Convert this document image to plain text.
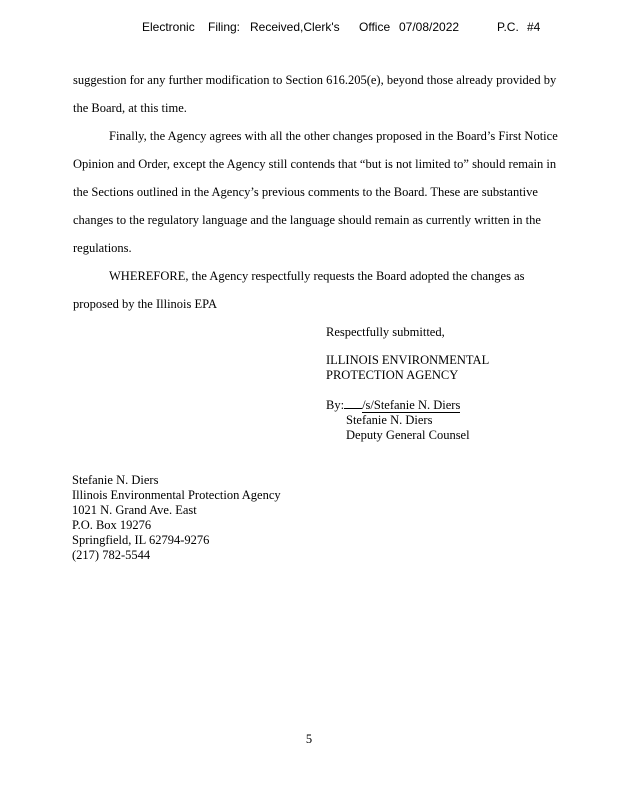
Electronic Filing: Received,Clerk's Office 07/08/2022	P.C. #4
suggestion for any further modification to Section 616.205(e), beyond those already provided by
the Board, at this time.
Finally, the Agency agrees with all the other changes proposed in the Board’s First Notice
Opinion and Order, except the Agency still contends that “but is not limited to” should remain in
the Sections outlined in the Agency’s previous comments to the Board. These are substantive
changes to the regulatory language and the language should remain as currently written in the
regulations.
WHEREFORE, the Agency respectfully requests the Board adopted the changes as
proposed by the Illinois EPA
Respectfully submitted,
ILLINOIS ENVIRONMENTAL
PROTECTION AGENCY
By: /s/Stefanie N. Diers
Stefanie N. Diers
Deputy General Counsel
Stefanie N. Diers
Illinois Environmental Protection Agency
1021 N. Grand Ave. East
P.O. Box 19276
Springfield, IL 62794-9276
(217) 782-5544
5
